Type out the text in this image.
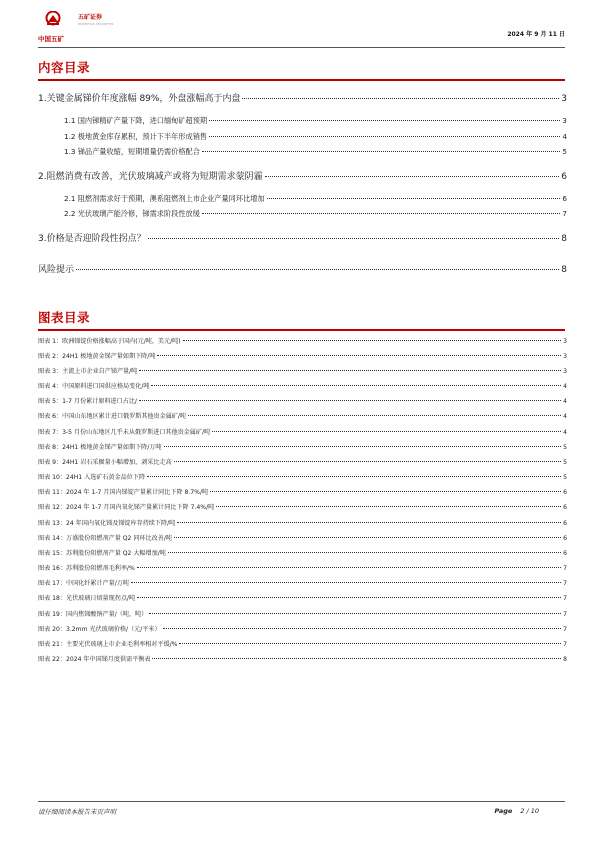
中国五矿
五矿证券
MINMETALS SECURITIES
2024 年 9 月 11 日
内容目录
1.关键金属锑价年度涨幅 89%，外盘涨幅高于内盘	3
1.1 国内锑精矿产量下降，进口缅甸矿超预期	3
1.2 极地黄金库存累积，预计下半年形成销售	4
1.3 锑品产量收缩，短期增量仍需价格配合	5
2.阻燃消费有改善，光伏玻璃减产或将为短期需求蒙阴霾	6
2.1 阻燃剂需求好于预期，澳系阻燃剂上市企业产量同环比增加	6
2.2 光伏玻璃产能冷修，锑需求阶段性放缓	7
3.价格是否迎阶段性拐点？	8
风险提示	8
图表目录
图表 1：欧洲锑锭价格涨幅高于国内(元/吨，美元/吨)	3
图表 2：24H1 极地黄金锑产量如期下降/吨	3
图表 3：主流上市企业自产锑产量/吨	3
图表 4：中国原料进口国供应格局变化/吨	4
图表 5：1-7 月份累计原料进口占比/	4
图表 6：中国山东地区累计进口俄罗斯其他贵金属矿/吨	4
图表 7：3-5 月份山东地区几乎未从俄罗斯进口其他贵金属矿/吨	4
图表 8：24H1 极地黄金锑产量如期下降/万吨	5
图表 9：24H1 岩石采掘量小幅增加，剥采比走高	5
图表 10：24H1 入选矿石黄金品位下降	5
图表 11：2024 年 1-7 月国内锑锭产量累计同比下降 8.7%/吨	6
图表 12：2024 年 1-7 月国内氧化锑产量累计同比下降 7.4%/吨	6
图表 13：24 年国内氧化锑及锑锭库存持续下降/吨	6
图表 14：万盛股份阻燃剂产量 Q2 同环比改善/吨	6
图表 15：苏利股份阻燃剂产量 Q2 大幅增加/吨	6
图表 16：苏利股份阻燃剂毛利率/%	7
图表 17：中国化纤累计产量/万吨	7
图表 18：光伏玻璃日熔量现拐点/吨	7
图表 19：国内焦锑酸钠产量/（吨，吨）	7
图表 20：3.2mm 光伏玻璃价格/（元/平米）	7
图表 21：主要光伏玻璃上市企业毛利率相对平缓/%	7
图表 22：2024 年中国锑月度供需平衡表	8
请仔细阅读本报告末页声明	Page 2 / 10
